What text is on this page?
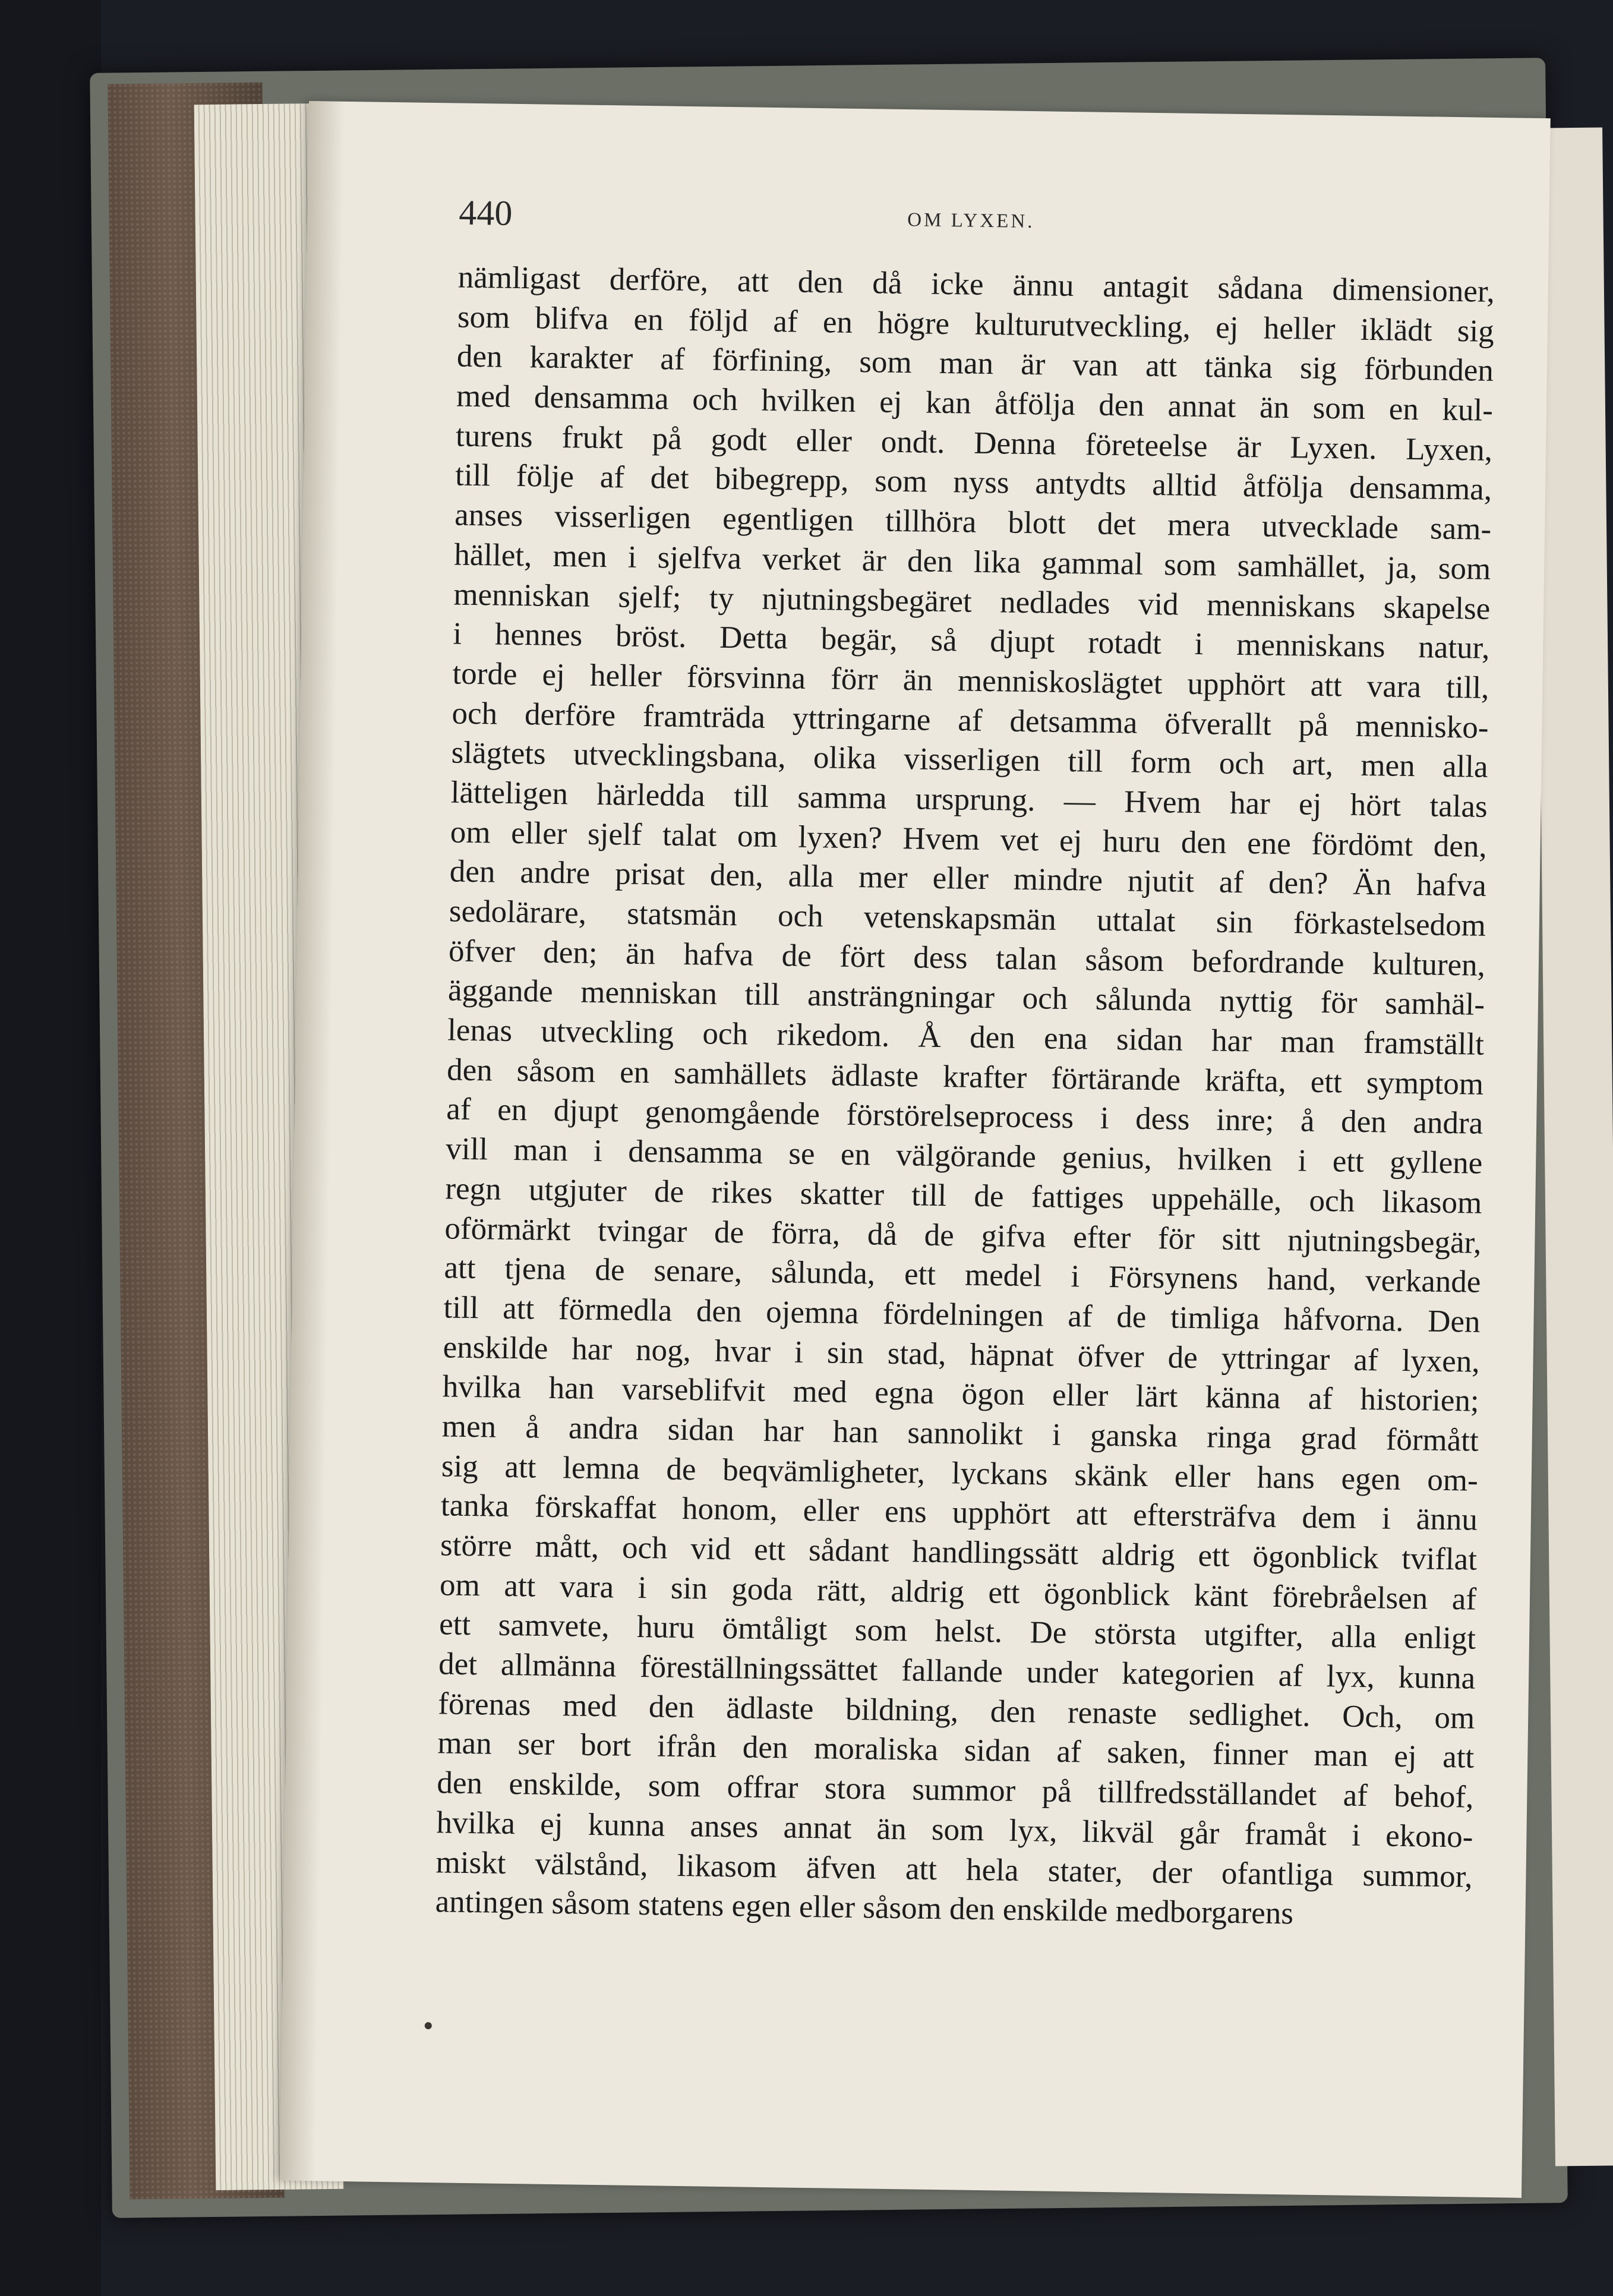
440	OM LYXEN.
nämligast derföre, att den då icke ännu antagit sådana dimensioner,
som blifva en följd af en högre kulturutveckling, ej heller iklädt sig
den karakter af förfining, som man är van att tänka sig förbunden
med densamma och hvilken ej kan åtfölja den annat än som en kul-
turens frukt på godt eller ondt. Denna företeelse är Lyxen. Lyxen,
till följe af det bibegrepp, som nyss antydts alltid åtfölja densamma,
anses visserligen egentligen tillhöra blott det mera utvecklade sam-
hället, men i sjelfva verket är den lika gammal som samhället, ja, som
menniskan sjelf; ty njutningsbegäret nedlades vid menniskans skapelse
i hennes bröst. Detta begär, så djupt rotadt i menniskans natur,
torde ej heller försvinna förr än menniskoslägtet upphört att vara till,
och derföre framträda yttringarne af detsamma öfverallt på mennisko-
slägtets utvecklingsbana, olika visserligen till form och art, men alla
lätteligen härledda till samma ursprung. — Hvem har ej hört talas
om eller sjelf talat om lyxen? Hvem vet ej huru den ene fördömt den,
den andre prisat den, alla mer eller mindre njutit af den? Än hafva
sedolärare, statsmän och vetenskapsmän uttalat sin förkastelsedom
öfver den; än hafva de fört dess talan såsom befordrande kulturen,
äggande menniskan till ansträngningar och sålunda nyttig för samhäl-
lenas utveckling och rikedom. Å den ena sidan har man framställt
den såsom en samhällets ädlaste krafter förtärande kräfta, ett symptom
af en djupt genomgående förstörelseprocess i dess inre; å den andra
vill man i densamma se en välgörande genius, hvilken i ett gyllene
regn utgjuter de rikes skatter till de fattiges uppehälle, och likasom
oförmärkt tvingar de förra, då de gifva efter för sitt njutningsbegär,
att tjena de senare, sålunda, ett medel i Försynens hand, verkande
till att förmedla den ojemna fördelningen af de timliga håfvorna. Den
enskilde har nog, hvar i sin stad, häpnat öfver de yttringar af lyxen,
hvilka han varseblifvit med egna ögon eller lärt känna af historien;
men å andra sidan har han sannolikt i ganska ringa grad förmått
sig att lemna de beqvämligheter, lyckans skänk eller hans egen om-
tanka förskaffat honom, eller ens upphört att eftersträfva dem i ännu
större mått, och vid ett sådant handlingssätt aldrig ett ögonblick tviflat
om att vara i sin goda rätt, aldrig ett ögonblick känt förebråelsen af
ett samvete, huru ömtåligt som helst. De största utgifter, alla enligt
det allmänna föreställningssättet fallande under kategorien af lyx, kunna
förenas med den ädlaste bildning, den renaste sedlighet. Och, om
man ser bort ifrån den moraliska sidan af saken, finner man ej att
den enskilde, som offrar stora summor på tillfredsställandet af behof,
hvilka ej kunna anses annat än som lyx, likväl går framåt i ekono-
miskt välstånd, likasom äfven att hela stater, der ofantliga summor,
antingen såsom statens egen eller såsom den enskilde medborgarens
